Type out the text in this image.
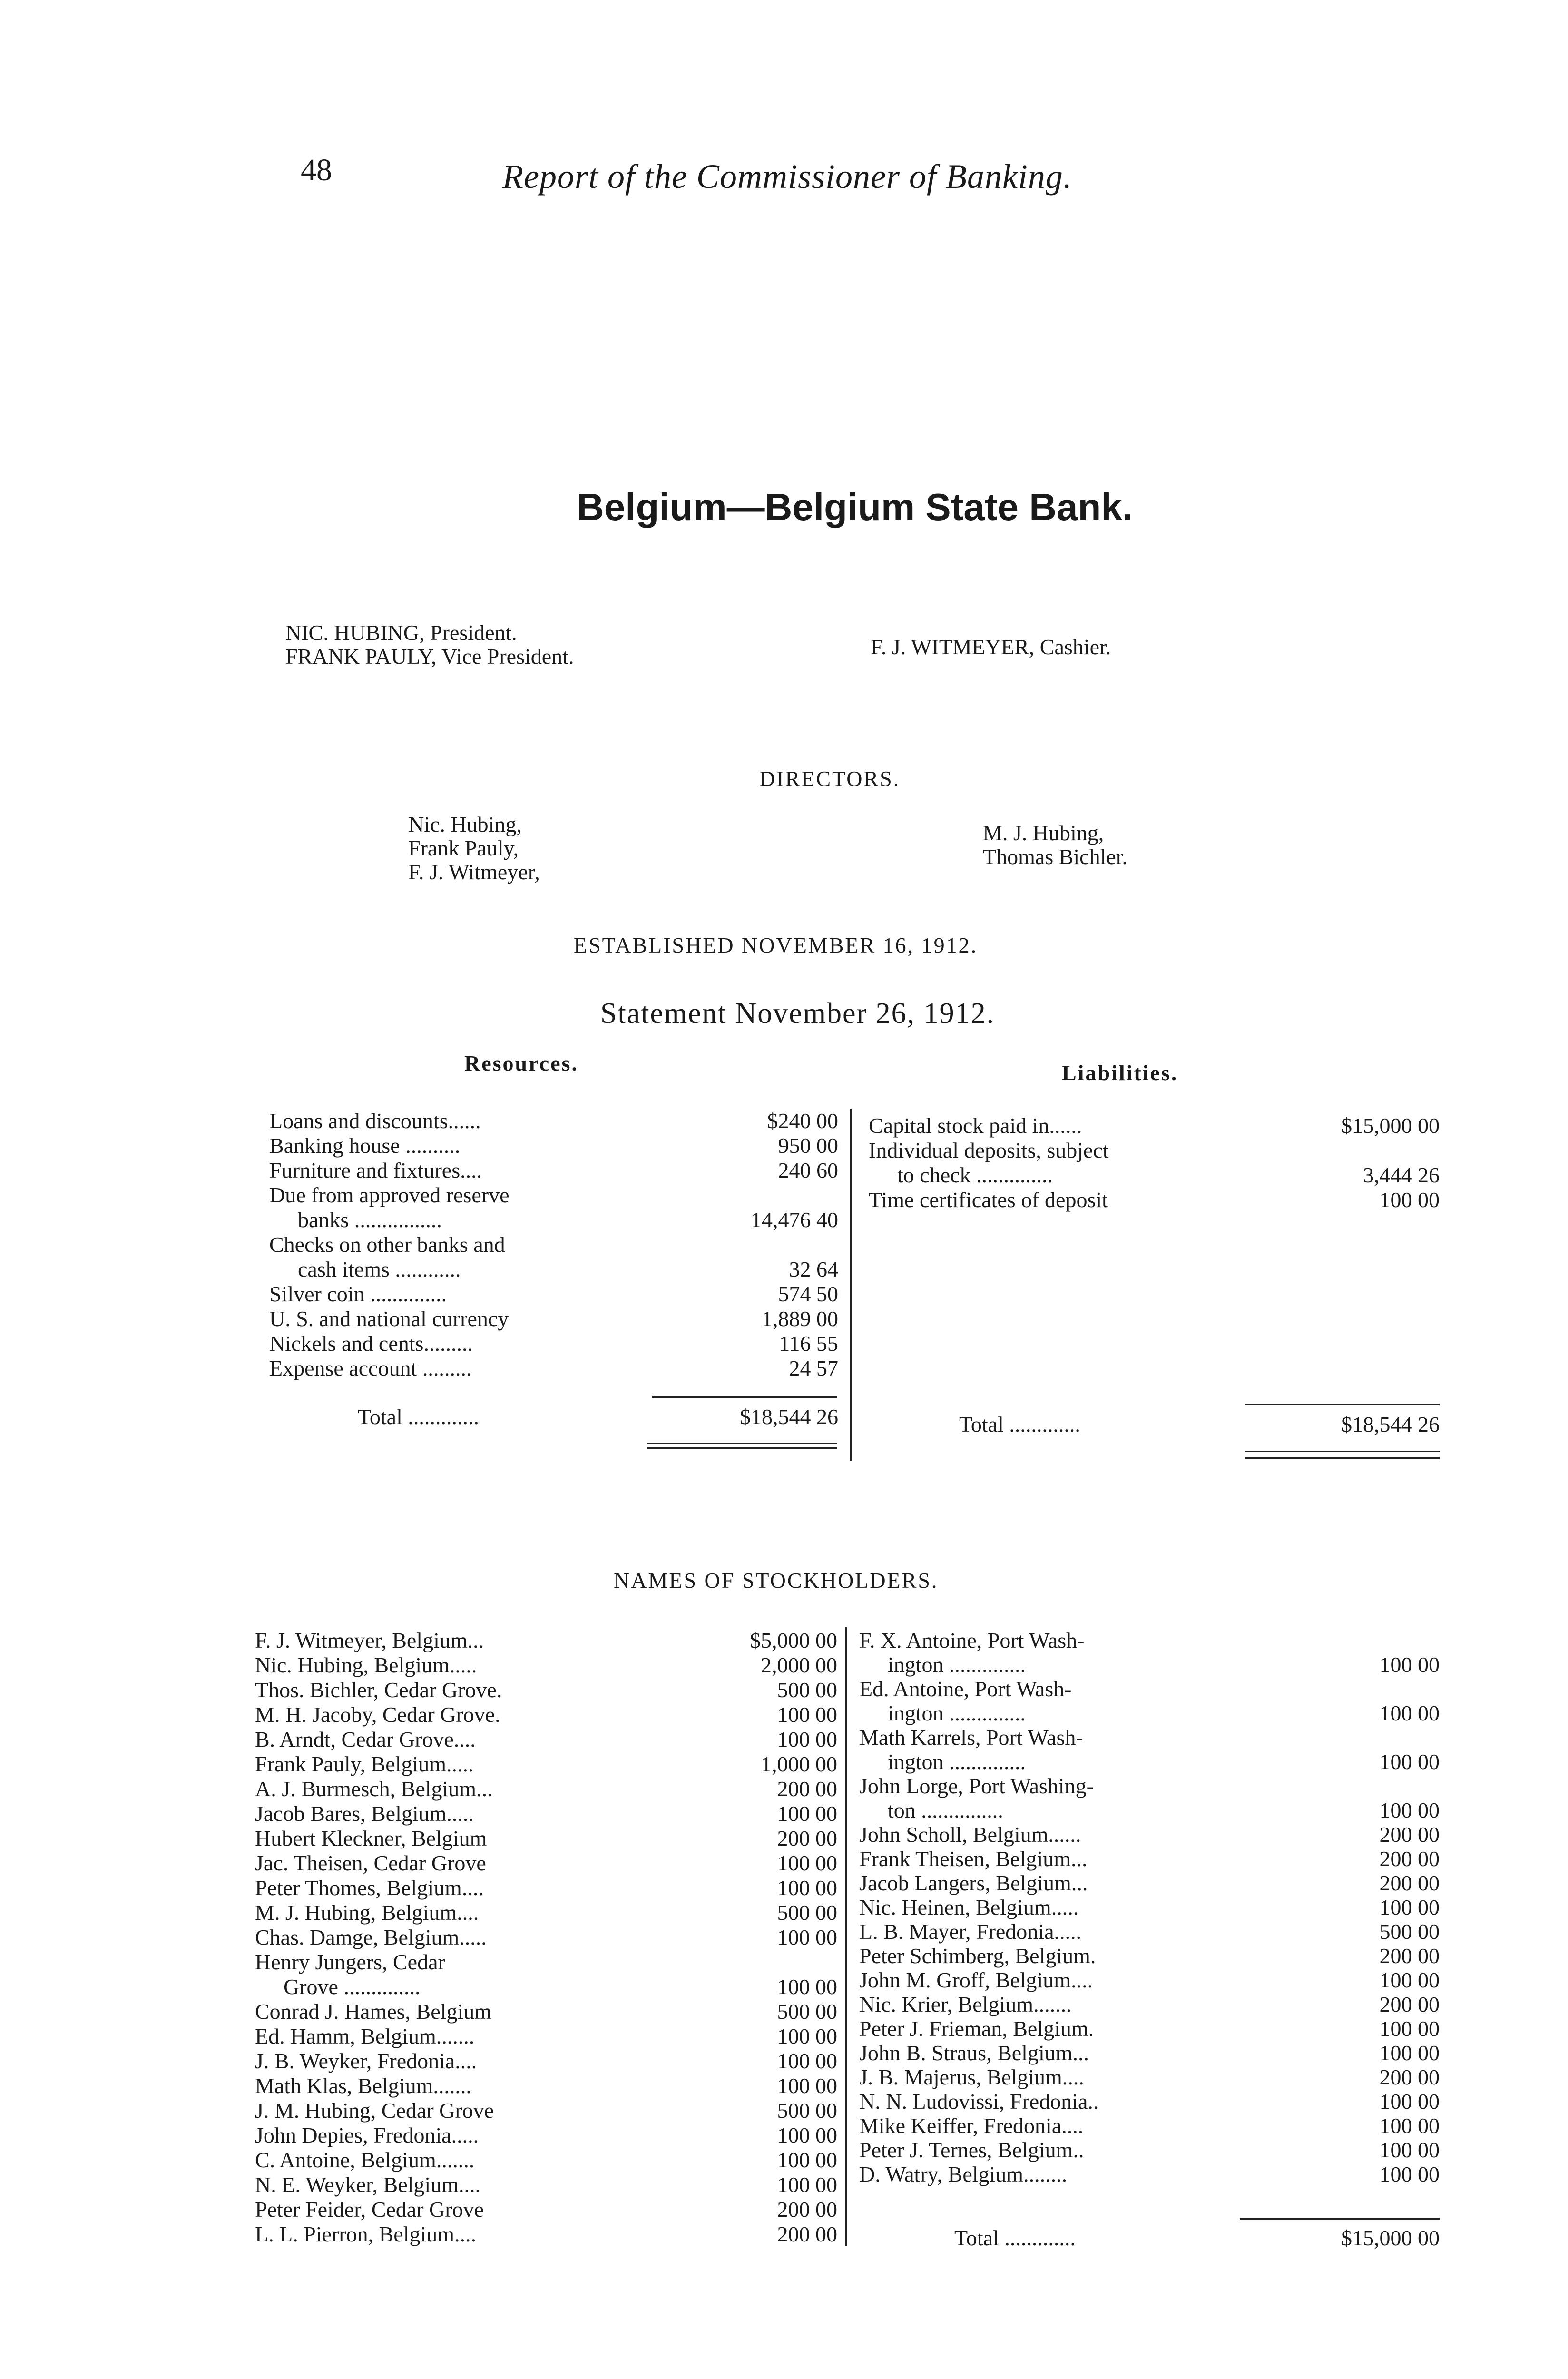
48	Report of the Commissioner of Banking.
Belgium—Belgium State Bank.
NIC. HUBING, President.
FRANK PAULY, Vice President.	F. J. WITMEYER, Cashier.
DIRECTORS.
Nic. Hubing,
Frank Pauly,
F. J. Witmeyer,
M. J. Hubing,
Thomas Bichler.
ESTABLISHED NOVEMBER 16, 1912.
Statement November 26, 1912.
Resources.	Liabilities.
Loans and discounts......	$240 00
Banking house ..........	950 00
Furniture and fixtures....	240 60
Due from approved reserve
banks ................	14,476 40
Checks on other banks and
cash items ............	32 64
Silver coin ..............	574 50
U. S. and national currency	1,889 00
Nickels and cents.........	116 55
Expense account .........	24 57
Total .............	$18,544 26
Capital stock paid in......	$15,000 00
Individual deposits, subject
to check ..............	3,444 26
Time certificates of deposit	100 00
Total .............	$18,544 26
NAMES OF STOCKHOLDERS.
F. J. Witmeyer, Belgium...	$5,000 00
Nic. Hubing, Belgium.....	2,000 00
Thos. Bichler, Cedar Grove.	500 00
M. H. Jacoby, Cedar Grove.	100 00
B. Arndt, Cedar Grove....	100 00
Frank Pauly, Belgium.....	1,000 00
A. J. Burmesch, Belgium...	200 00
Jacob Bares, Belgium.....	100 00
Hubert Kleckner, Belgium	200 00
Jac. Theisen, Cedar Grove	100 00
Peter Thomes, Belgium....	100 00
M. J. Hubing, Belgium....	500 00
Chas. Damge, Belgium.....	100 00
Henry Jungers, Cedar
Grove ..............	100 00
Conrad J. Hames, Belgium	500 00
Ed. Hamm, Belgium.......	100 00
J. B. Weyker, Fredonia....	100 00
Math Klas, Belgium.......	100 00
J. M. Hubing, Cedar Grove	500 00
John Depies, Fredonia.....	100 00
C. Antoine, Belgium.......	100 00
N. E. Weyker, Belgium....	100 00
Peter Feider, Cedar Grove	200 00
L. L. Pierron, Belgium....	200 00
F. X. Antoine, Port Wash-
ington ..............	100 00
Ed. Antoine, Port Wash-
ington ..............	100 00
Math Karrels, Port Wash-
ington ..............	100 00
John Lorge, Port Washing-
ton ...............	100 00
John Scholl, Belgium......	200 00
Frank Theisen, Belgium...	200 00
Jacob Langers, Belgium...	200 00
Nic. Heinen, Belgium.....	100 00
L. B. Mayer, Fredonia.....	500 00
Peter Schimberg, Belgium.	200 00
John M. Groff, Belgium....	100 00
Nic. Krier, Belgium.......	200 00
Peter J. Frieman, Belgium.	100 00
John B. Straus, Belgium...	100 00
J. B. Majerus, Belgium....	200 00
N. N. Ludovissi, Fredonia..	100 00
Mike Keiffer, Fredonia....	100 00
Peter J. Ternes, Belgium..	100 00
D. Watry, Belgium........	100 00
Total .............	$15,000 00
